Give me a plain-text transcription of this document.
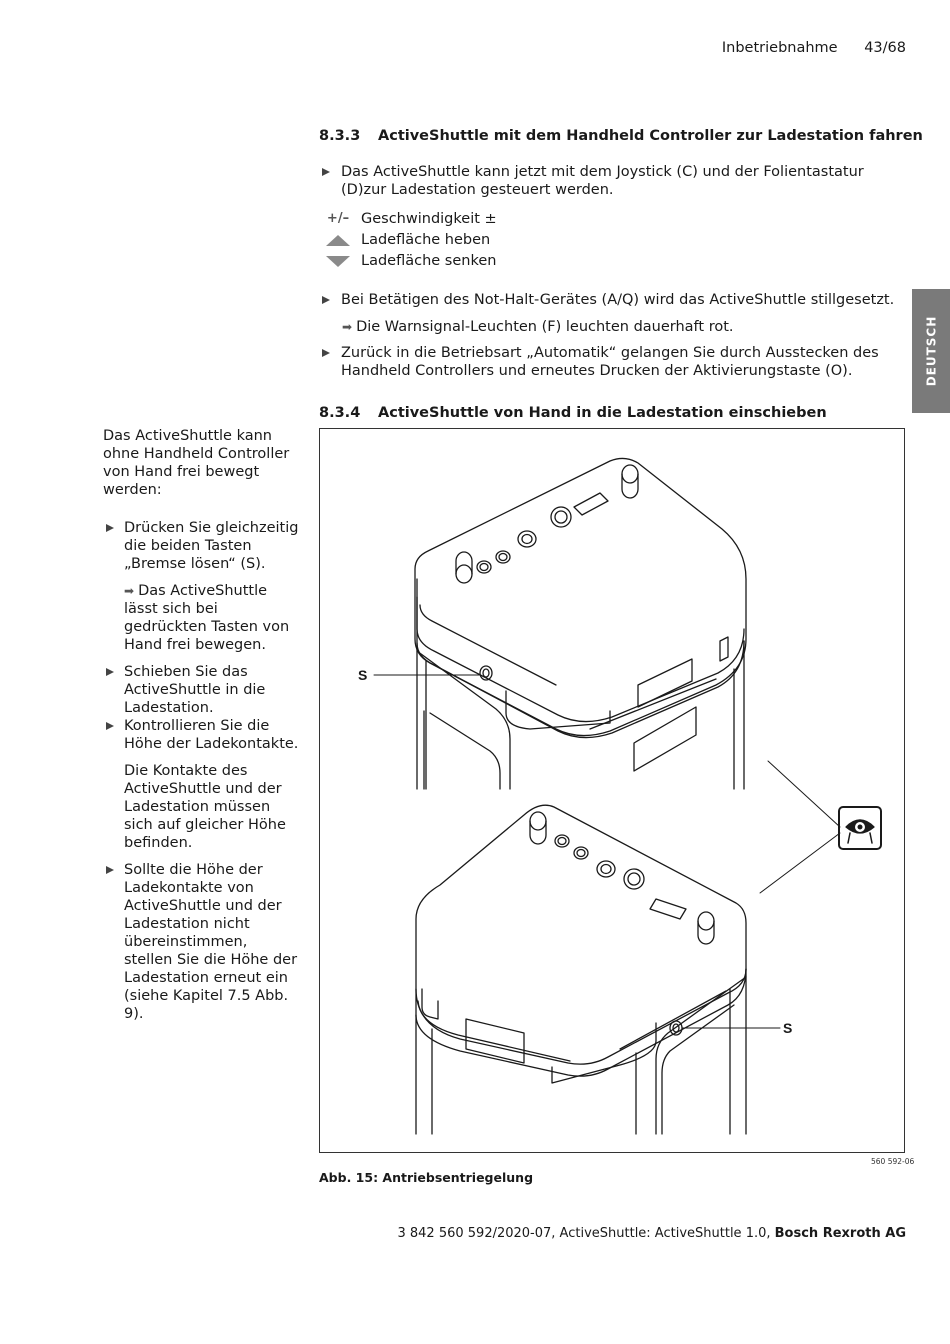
Inbetriebnahme 43/68
DEUTSCH
8.3.3 ActiveShuttle mit dem Handheld Controller zur Ladestation fahren
Das ActiveShuttle kann jetzt mit dem Joystick (C) und der Folientastatur (D)zur Ladestation gesteuert werden.
+/– Geschwindigkeit ±
Ladefläche heben
Ladefläche senken
Bei Betätigen des Not-Halt-Gerätes (A/Q) wird das ActiveShuttle stillgesetzt.
➡ Die Warnsignal-Leuchten (F) leuchten dauerhaft rot.
Zurück in die Betriebsart „Automatik“ gelangen Sie durch Ausstecken des Handheld Controllers und erneutes Drucken der Aktivierungstaste (O).
8.3.4 ActiveShuttle von Hand in die Ladestation einschieben
Das ActiveShuttle kann ohne Handheld Controller von Hand frei bewegt werden:
Drücken Sie gleichzeitig die beiden Tasten „Bremse lösen“ (S).
➡ Das ActiveShuttle lässt sich bei gedrückten Tasten von Hand frei bewegen.
Schieben Sie das ActiveShuttle in die Ladestation.
Kontrollieren Sie die Höhe der Ladekontakte.
Die Kontakte des ActiveShuttle und der Ladestation müssen sich auf gleicher Höhe befinden.
Sollte die Höhe der Ladekontakte von ActiveShuttle und der Ladestation nicht übereinstimmen, stellen Sie die Höhe der Ladestation erneut ein (siehe Kapitel 7.5 Abb. 9).
S
S
560 592-06
Abb. 15: Antriebsentriegelung
3 842 560 592/2020-07, ActiveShuttle: ActiveShuttle 1.0, Bosch Rexroth AG
